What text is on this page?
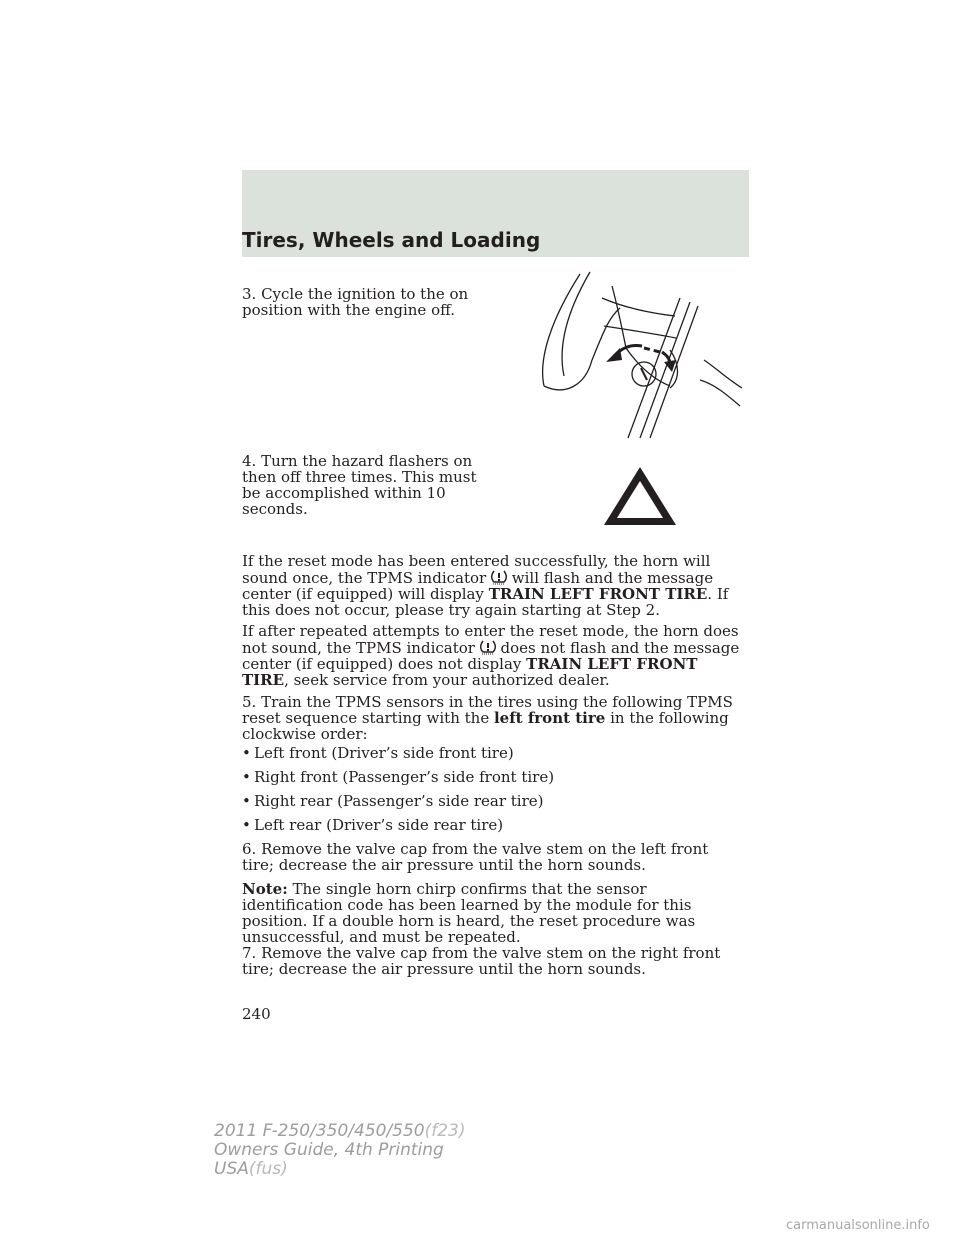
Tires, Wheels and Loading

3. Cycle the ignition to the on position with the engine off.

4. Turn the hazard flashers on then off three times. This must be accomplished within 10 seconds.

If the reset mode has been entered successfully, the horn will sound once, the TPMS indicator will flash and the message center (if equipped) will display TRAIN LEFT FRONT TIRE. If this does not occur, please try again starting at Step 2.

If after repeated attempts to enter the reset mode, the horn does not sound, the TPMS indicator does not flash and the message center (if equipped) does not display TRAIN LEFT FRONT TIRE, seek service from your authorized dealer.

5. Train the TPMS sensors in the tires using the following TPMS reset sequence starting with the left front tire in the following clockwise order:

• Left front (Driver’s side front tire)
• Right front (Passenger’s side front tire)
• Right rear (Passenger’s side rear tire)
• Left rear (Driver’s side rear tire)

6. Remove the valve cap from the valve stem on the left front tire; decrease the air pressure until the horn sounds.

Note: The single horn chirp confirms that the sensor identification code has been learned by the module for this position. If a double horn is heard, the reset procedure was unsuccessful, and must be repeated.

7. Remove the valve cap from the valve stem on the right front tire; decrease the air pressure until the horn sounds.

240
2011 F-250/350/450/550(f23)
Owners Guide, 4th Printing
USA(fus)
carmanualsonline.info
